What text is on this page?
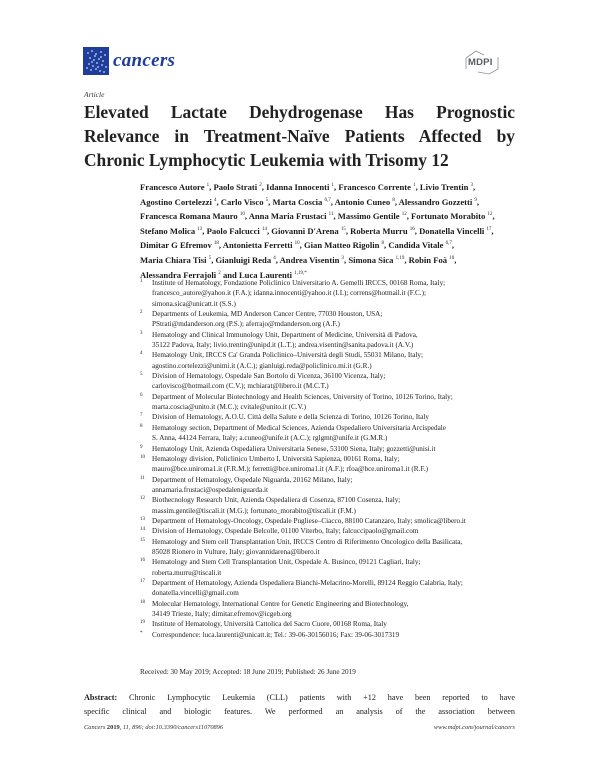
cancers	MDPI
Article
Elevated Lactate Dehydrogenase Has Prognostic
Relevance in Treatment-Naïve Patients Affected by
Chronic Lymphocytic Leukemia with Trisomy 12
Francesco Autore $^1$, Paolo Strati $^2$, Idanna Innocenti $^1$, Francesco Corrente $^1$, Livio Trentin $^3$,
Agostino Cortelezzi $^4$, Carlo Visco $^5$, Marta Coscia $^{6,7}$, Antonio Cuneo $^8$, Alessandro Gozzetti $^9$,
Francesca Romana Mauro $^{10}$, Anna Maria Frustaci $^{11}$, Massimo Gentile $^{12}$, Fortunato Morabito $^{12}$,
Stefano Molica $^{13}$, Paolo Falcucci $^{14}$, Giovanni D'Arena $^{15}$, Roberta Murru $^{16}$, Donatella Vincelli $^{17}$,
Dimitar G Efremov $^{18}$, Antonietta Ferretti $^{10}$, Gian Matteo Rigolin $^8$, Candida Vitale $^{6,7}$,
Maria Chiara Tisi $^5$, Gianluigi Reda $^4$, Andrea Visentin $^3$, Simona Sica $^{1,19}$, Robin Foà $^{10}$,
Alessandra Ferrajoli $^2$ and Luca Laurenti $^{1,19,*}$
1 Institute of Hematology, Fondazione Policlinico Universitario A. Gemelli IRCCS, 00168 Roma, Italy;
francesco_autore@yahoo.it (F.A.); idanna.innocenti@yahoo.it (I.I.); correns@hotmail.it (F.C.);
simona.sica@unicatt.it (S.S.)
2 Departments of Leukemia, MD Anderson Cancer Centre, 77030 Houston, USA;
PStrati@mdanderson.org (P.S.); aferrajo@mdanderson.org (A.F.)
3 Hematology and Clinical Immunology Unit, Department of Medicine, Università di Padova,
35122 Padova, Italy; livio.trentin@unipd.it (L.T.); andrea.visentin@sanita.padova.it (A.V.)
4 Hematology Unit, IRCCS Ca' Granda Policlinico–Università degli Studi, 55031 Milano, Italy;
agostino.cortelezzi@unimi.it (A.C.); gianluigi.reda@policlinico.mi.it (G.R.)
5 Division of Hematology, Ospedale San Bortolo di Vicenza, 36100 Vicenza, Italy;
carlovisco@hotmail.com (C.V.); mchiarat@libero.it (M.C.T.)
6 Department of Molecular Biotechnology and Health Sciences, University of Torino, 10126 Torino, Italy;
marta.coscia@unito.it (M.C.); cvitale@unito.it (C.V.)
7 Division of Hematology, A.O.U. Città della Salute e della Scienza di Torino, 10126 Torino, Italy
8 Hematology section, Department of Medical Sciences, Azienda Ospedaliero Universitaria Arcispedale
S. Anna, 44124 Ferrara, Italy; a.cuneo@unife.it (A.C.); rglgmt@unife.it (G.M.R.)
9 Hematology Unit, Azienda Ospedaliera Universitaria Senese, 53100 Siena, Italy; gozzetti@unisi.it
10 Hematology division, Policlinico Umberto I, Università Sapienza, 00161 Roma, Italy;
mauro@bce.uniroma1.it (F.R.M.); ferretti@bce.uniroma1.it (A.F.); rfoa@bce.uniroma1.it (R.F.)
11 Department of Hematology, Ospedale Niguarda, 20162 Milano, Italy;
annamaria.frustaci@ospedaleniguarda.it
12 Biothecnology Research Unit, Azienda Ospedaliera di Cosenza, 87100 Cosenza, Italy;
massim.gentile@tiscali.it (M.G.); fortunato_morabito@tiscali.it (F.M.)
13 Department of Hematology-Oncology, Ospedale Pugliese–Ciacco, 88100 Catanzaro, Italy; smolica@libero.it
14 Division of Hematology, Ospedale Belcolle, 01100 Viterbo, Italy; falcuccipaolo@gmail.com
15 Hematology and Stem cell Transplantation Unit, IRCCS Centro di Riferimento Oncologico della Basilicata,
85028 Rionero in Vulture, Italy; giovannidarena@libero.it
16 Hematology and Stem Cell Transplantation Unit, Ospedale A. Businco, 09121 Cagliari, Italy;
roberta.murru@tiscali.it
17 Department of Hematology, Azienda Ospedaliera Bianchi-Melacrino-Morelli, 89124 Reggio Calabria, Italy;
donatella.vincelli@gmail.com
18 Molecular Hematology, International Centre for Genetic Engineering and Biotechnology,
34149 Trieste, Italy; dimitar.efremov@icgeb.org
19 Institute of Hematology, Università Cattolica del Sacro Cuore, 00168 Roma, Italy
* Correspondence: luca.laurenti@unicatt.it; Tel.: 39-06-30156016; Fax: 39-06-3017319
Received: 30 May 2019; Accepted: 18 June 2019; Published: 26 June 2019
Abstract: Chronic Lymphocytic Leukemia (CLL) patients with +12 have been reported to have
specific clinical and biologic features. We performed an analysis of the association between
Cancers 2019, 11, 896; doi:10.3390/cancers11070896	www.mdpi.com/journal/cancers
